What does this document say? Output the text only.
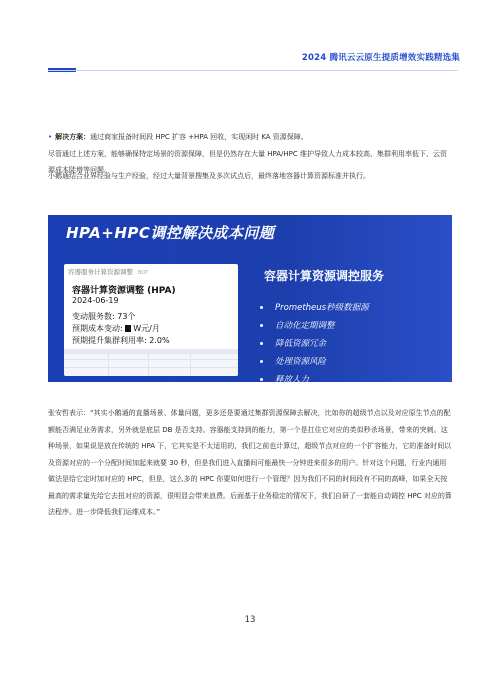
2024 腾讯云云原生提质增效实践精选集
• 解决方案：通过商家报备时间段 HPC 扩容 +HPA 回收，实现闲时 KA 资源保障。
尽管通过上述方案，能够确保特定场景的资源保障，但是仍然存在大量 HPA/HPC 维护导致人力成本较高、集群利用率低下、云资源成本陡增等问题。
小鹅通结合业界经验与生产经验，经过大量背景搜集及多次试点后，最终落地容器计算资源标准并执行。
HPA+HPC调控解决成本问题
容器服务计算资源调整 BOT
容器计算资源调整 (HPA)
2024-06-19
变动服务数: 73个
预期成本变动: W元/月
预期提升集群利用率: 2.0%
容器计算资源调控服务
Prometheus秒级数据源
自动化定期调整
降低资源冗余
处理资源风险
释放人力
张安哲表示：“其实小鹅通的直播场景、体量问题，更多还是要通过集群资源保障去解决，比如你的超级节点以及对应原生节点的配额能否满足业务需求，另外就是底层 DB 是否支持。容器能支持到的能力，第一个是扛住它对应的类似秒杀场景，带来的突刺。这种场景，如果说是放在传统的 HPA 下，它其实是不太适用的，我们之前也计算过，超级节点对应的一个扩容能力，它的准备时间以及资源对应的一个分配时间加起来就要 30 秒，但是我们进入直播间可能最快一分钟进来很多的用户。针对这个问题，行业内通用做法是给它定时加对应的 HPC，但是，这么多的 HPC 你要如何进行一个管理？因为我们不同的时间段有不同的高峰，如果全天按最高的需求量先给它去扭对应的资源，很明显会带来浪费。后面基于业务稳定的情况下，我们自研了一套能自动调控 HPC 对应的算法程序。进一步降低我们运维成本。”
13
